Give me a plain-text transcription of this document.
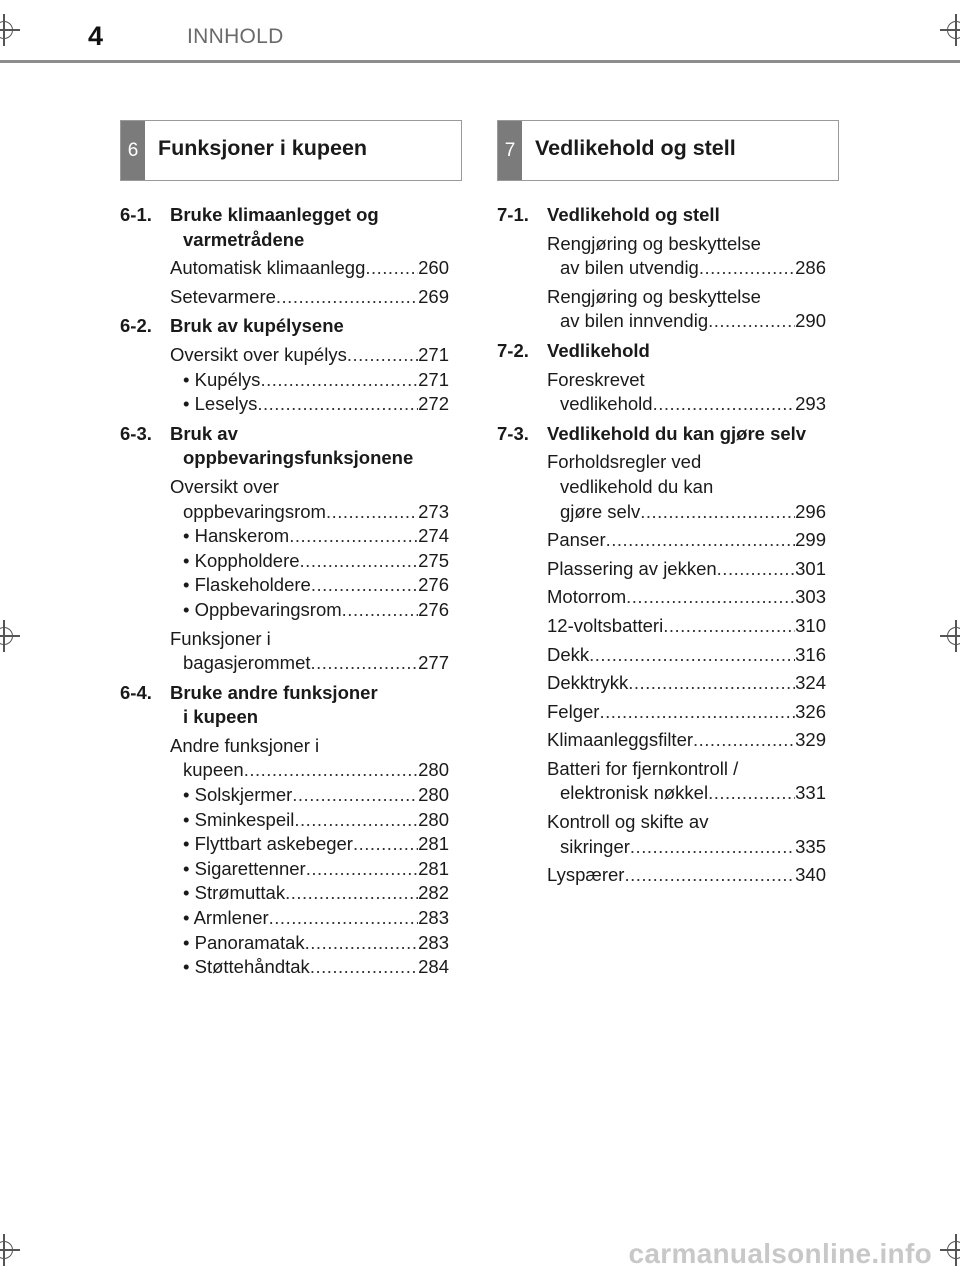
4	INNHOLD
6 Funksjoner i kupeen	7 Vedlikehold og stell
6-1. Bruke klimaanlegget og
varmetrådene
Automatisk klimaanlegg .....	260
Setevarmere .....	269
6-2. Bruk av kupélysene
Oversikt over kupélys .....	271
• Kupélys .....	271
• Leselys .....	272
6-3. Bruk av
oppbevaringsfunksjonene
Oversikt over
oppbevaringsrom .....	273
• Hanskerom .....	274
• Koppholdere .....	275
• Flaskeholdere .....	276
• Oppbevaringsrom .....	276
Funksjoner i
bagasjerommet .....	277
6-4. Bruke andre funksjoner
i kupeen
Andre funksjoner i
kupeen .....	280
• Solskjermer .....	280
• Sminkespeil .....	280
• Flyttbart askebeger .....	281
• Sigarettenner .....	281
• Strømuttak .....	282
• Armlener .....	283
• Panoramatak .....	283
• Støttehåndtak .....	284
7-1. Vedlikehold og stell
Rengjøring og beskyttelse
av bilen utvendig .....	286
Rengjøring og beskyttelse
av bilen innvendig .....	290
7-2. Vedlikehold
Foreskrevet
vedlikehold .....	293
7-3. Vedlikehold du kan gjøre selv
Forholdsregler ved
vedlikehold du kan
gjøre selv .....	296
Panser .....	299
Plassering av jekken .....	301
Motorrom .....	303
12-voltsbatteri .....	310
Dekk .....	316
Dekktrykk .....	324
Felger .....	326
Klimaanleggsfilter .....	329
Batteri for fjernkontroll /
elektronisk nøkkel .....	331
Kontroll og skifte av
sikringer .....	335
Lyspærer .....	340
carmanualsonline.info
